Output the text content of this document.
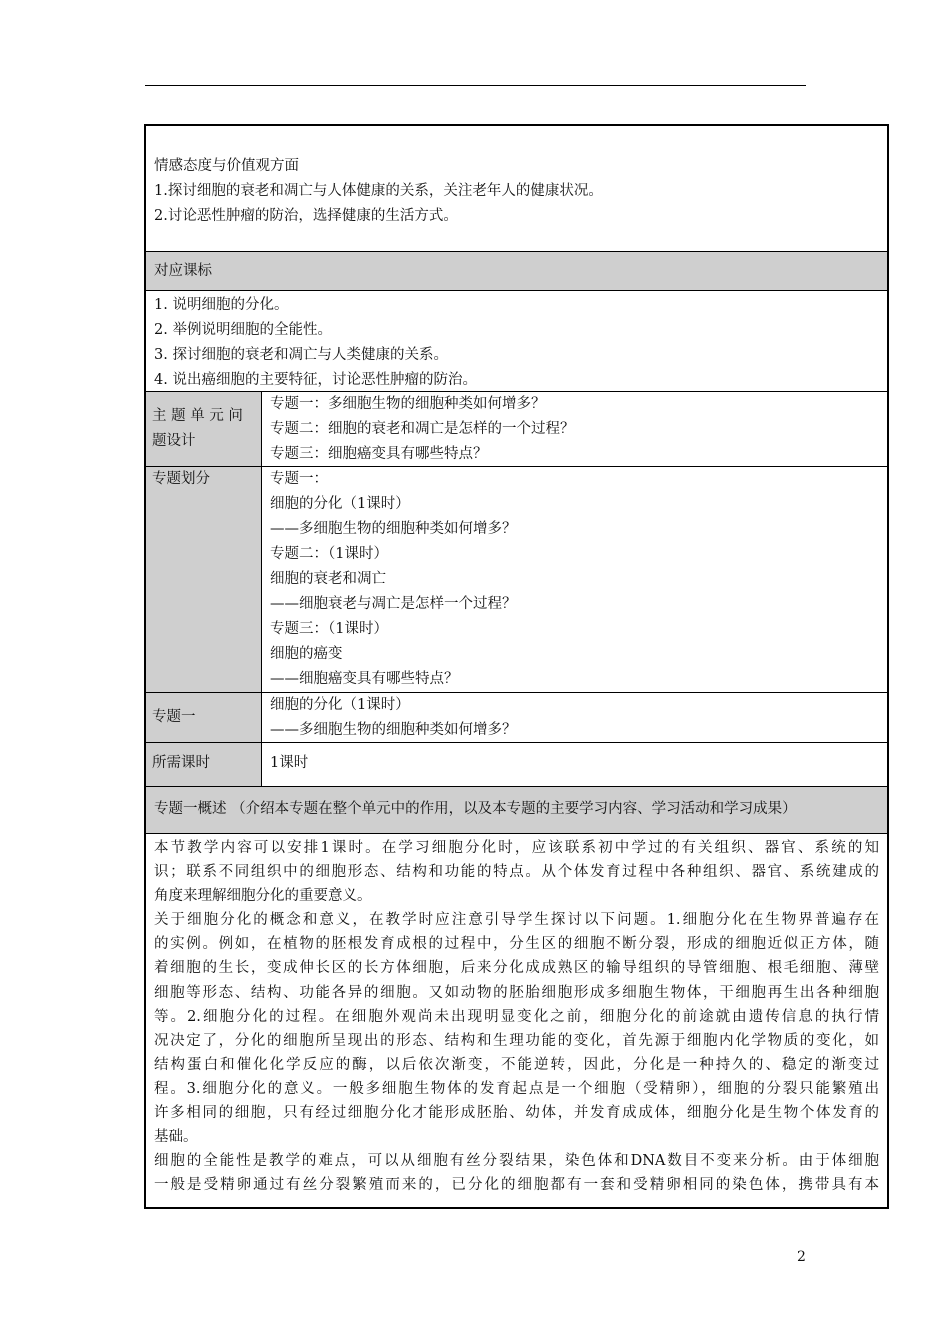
情感态度与价值观方面
1.探讨细胞的衰老和凋亡与人体健康的关系，关注老年人的健康状况。
2.讨论恶性肿瘤的防治，选择健康的生活方式。
对应课标
1. 说明细胞的分化。
2. 举例说明细胞的全能性。
3. 探讨细胞的衰老和凋亡与人类健康的关系。
4. 说出癌细胞的主要特征，讨论恶性肿瘤的防治。
主 题 单 元 问
题设计
专题一：多细胞生物的细胞种类如何增多？
专题二：细胞的衰老和凋亡是怎样的一个过程？
专题三：细胞癌变具有哪些特点？
专题划分	专题一：
细胞的分化（1课时）
——多细胞生物的细胞种类如何增多？
专题二：（1课时）
细胞的衰老和凋亡
——细胞衰老与凋亡是怎样一个过程？
专题三：（1课时）
细胞的癌变
——细胞癌变具有哪些特点？
专题一
细胞的分化（1课时）
——多细胞生物的细胞种类如何增多？
所需课时	1课时
专题一概述 （介绍本专题在整个单元中的作用，以及本专题的主要学习内容、学习活动和学习成果）
本节教学内容可以安排1课时。在学习细胞分化时，应该联系初中学过的有关组织、器官、系统的知
识；联系不同组织中的细胞形态、结构和功能的特点。从个体发育过程中各种组织、器官、系统建成的
角度来理解细胞分化的重要意义。
关于细胞分化的概念和意义，在教学时应注意引导学生探讨以下问题。1.细胞分化在生物界普遍存在
的实例。例如，在植物的胚根发育成根的过程中，分生区的细胞不断分裂，形成的细胞近似正方体，随
着细胞的生长，变成伸长区的长方体细胞，后来分化成成熟区的输导组织的导管细胞、根毛细胞、薄壁
细胞等形态、结构、功能各异的细胞。又如动物的胚胎细胞形成多细胞生物体，干细胞再生出各种细胞
等。2.细胞分化的过程。在细胞外观尚未出现明显变化之前，细胞分化的前途就由遗传信息的执行情
况决定了，分化的细胞所呈现出的形态、结构和生理功能的变化，首先源于细胞内化学物质的变化，如
结构蛋白和催化化学反应的酶，以后依次渐变，不能逆转，因此，分化是一种持久的、稳定的渐变过
程。3.细胞分化的意义。一般多细胞生物体的发育起点是一个细胞（受精卵），细胞的分裂只能繁殖出
许多相同的细胞，只有经过细胞分化才能形成胚胎、幼体，并发育成成体，细胞分化是生物个体发育的
基础。
细胞的全能性是教学的难点，可以从细胞有丝分裂结果，染色体和DNA数目不变来分析。由于体细胞
一般是受精卵通过有丝分裂繁殖而来的，已分化的细胞都有一套和受精卵相同的染色体，携带具有本
2
